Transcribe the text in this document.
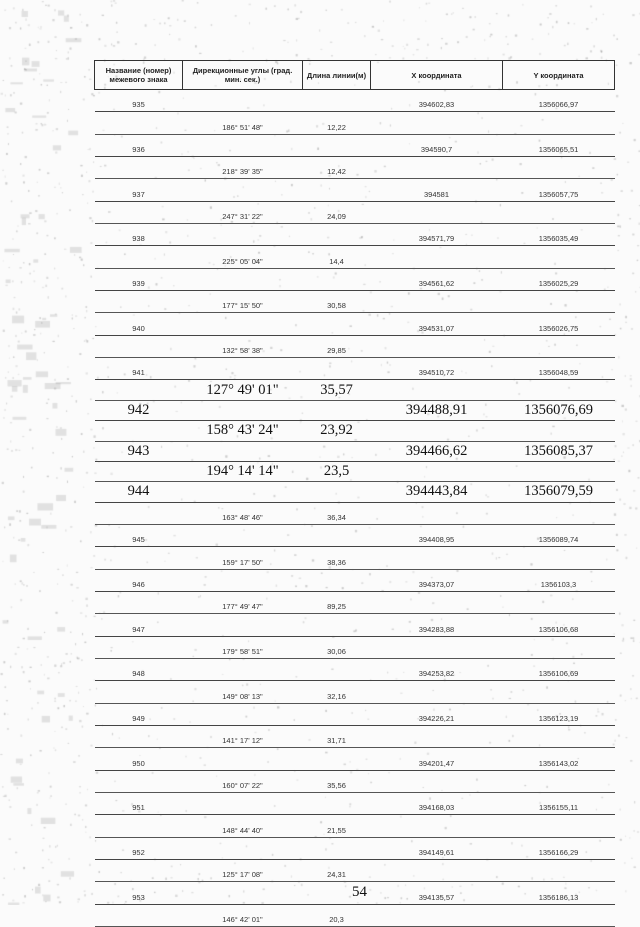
Название (номер) межевого знака	Дирекционные углы (град. мин. сек.)	Длина линии(м)	X координата	Y координата
935			394602,83	1356066,97
	186° 51' 48"	12,22		
936			394590,7	1356065,51
	218° 39' 35"	12,42		
937			394581	1356057,75
	247° 31' 22"	24,09		
938			394571,79	1356035,49
	225° 05' 04"	14,4		
939			394561,62	1356025,29
	177° 15' 50"	30,58		
940			394531,07	1356026,75
	132° 58' 38"	29,85		
941			394510,72	1356048,59
	127° 49' 01"	35,57		
942			394488,91	1356076,69
	158° 43' 24"	23,92		
943			394466,62	1356085,37
	194° 14' 14"	23,5		
944			394443,84	1356079,59
	163° 48' 46"	36,34		
945			394408,95	1356089,74
	159° 17' 50"	38,36		
946			394373,07	1356103,3
	177° 49' 47"	89,25		
947			394283,88	1356106,68
	179° 58' 51"	30,06		
948			394253,82	1356106,69
	149° 08' 13"	32,16		
949			394226,21	1356123,19
	141° 17' 12"	31,71		
950			394201,47	1356143,02
	160° 07' 22"	35,56		
951			394168,03	1356155,11
	148° 44' 40"	21,55		
952			394149,61	1356166,29
	125° 17' 08"	24,31		
953			394135,57	1356186,13
	146° 42' 01"	20,3		
54
